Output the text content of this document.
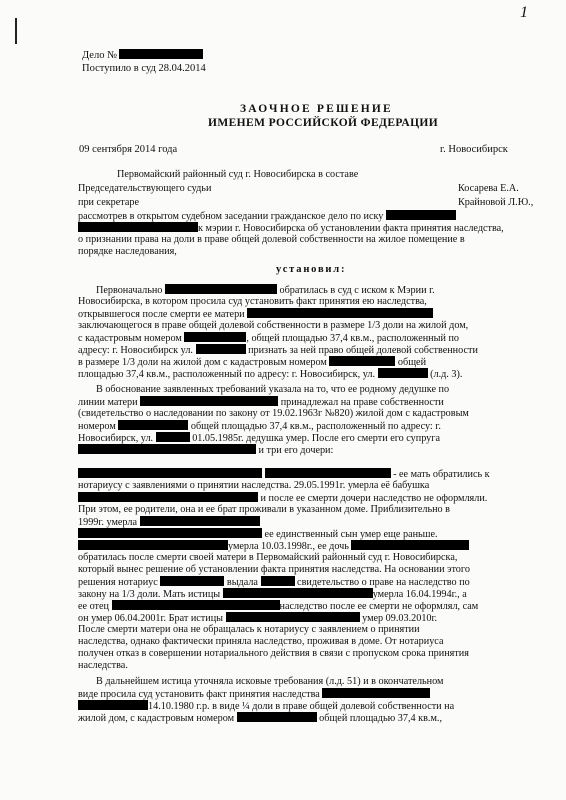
1
Дело №
Поступило в суд 28.04.2014
ЗАОЧНОЕ РЕШЕНИЕ
ИМЕНЕМ РОССИЙСКОЙ ФЕДЕРАЦИИ
09 сентября 2014 года	г. Новосибирск
Первомайский районный суд г. Новосибирска в составе
Председательствующего судьи	Косарева Е.А.
при секретаре	Крайновой Л.Ю.,
рассмотрев в открытом судебном заседании гражданское дело по иску
к мэрии г. Новосибирска об установлении факта принятия наследства,
о признании права на доли в праве общей долевой собственности на жилое помещение в
порядке наследования,
установил:
Первоначально	обратилась в суд с иском к Мэрии г.
Новосибирска, в котором просила суд установить факт принятия ею наследства,
открывшегося после смерти ее матери
заключающегося в праве общей долевой собственности в размере 1/3 доли на жилой дом,
с кадастровым номером	, общей площадью 37,4 кв.м., расположенный по
адресу: г. Новосибирск ул.	признать за ней право общей долевой собственности
в размере 1/3 доли на жилой дом с кадастровым номером	общей
площадью 37,4 кв.м., расположенный по адресу: г. Новосибирск, ул.	(л.д. 3).
В обоснование заявленных требований указала на то, что ее родному дедушке по
линии матери	принадлежал на праве собственности
(свидетельство о наследовании по закону от 19.02.1963г №820) жилой дом с кадастровым
номером	общей площадью 37,4 кв.м., расположенный по адресу: г.
Новосибирск, ул.	01.05.1985г. дедушка умер. После его смерти его супруга
и три его дочери:
- ее мать обратились к
нотариусу с заявлениями о принятии наследства. 29.05.1991г. умерла её бабушка
и после ее смерти дочери наследство не оформляли.
При этом, ее родители, она и ее брат проживали в указанном доме. Приблизительно в
1999г. умерла
ее единственный сын умер еще раньше.
умерла 10.03.1998г., ее дочь
обратилась после смерти своей матери в Первомайский районный суд г. Новосибирска,
который вынес решение об установлении факта принятия наследства. На основании этого
решения нотариус	выдала	свидетельство о праве на наследство по
закону на 1/3 доли. Мать истицы	умерла 16.04.1994г., а
ее отец	наследство после ее смерти не оформлял, сам
он умер 06.04.2001г. Брат истицы	умер 09.03.2010г.
После смерти матери она не обращалась к нотариусу с заявлением о принятии
наследства, однако фактически приняла наследство, проживая в доме. От нотариуса
получен отказ в совершении нотариального действия в связи с пропуском срока принятия
наследства.
В дальнейшем истица уточняла исковые требования (л.д. 51) и в окончательном
виде просила суд установить факт принятия наследства
14.10.1980 г.р. в виде ¼ доли в праве общей долевой собственности на
жилой дом, с кадастровым номером	общей площадью 37,4 кв.м.,
